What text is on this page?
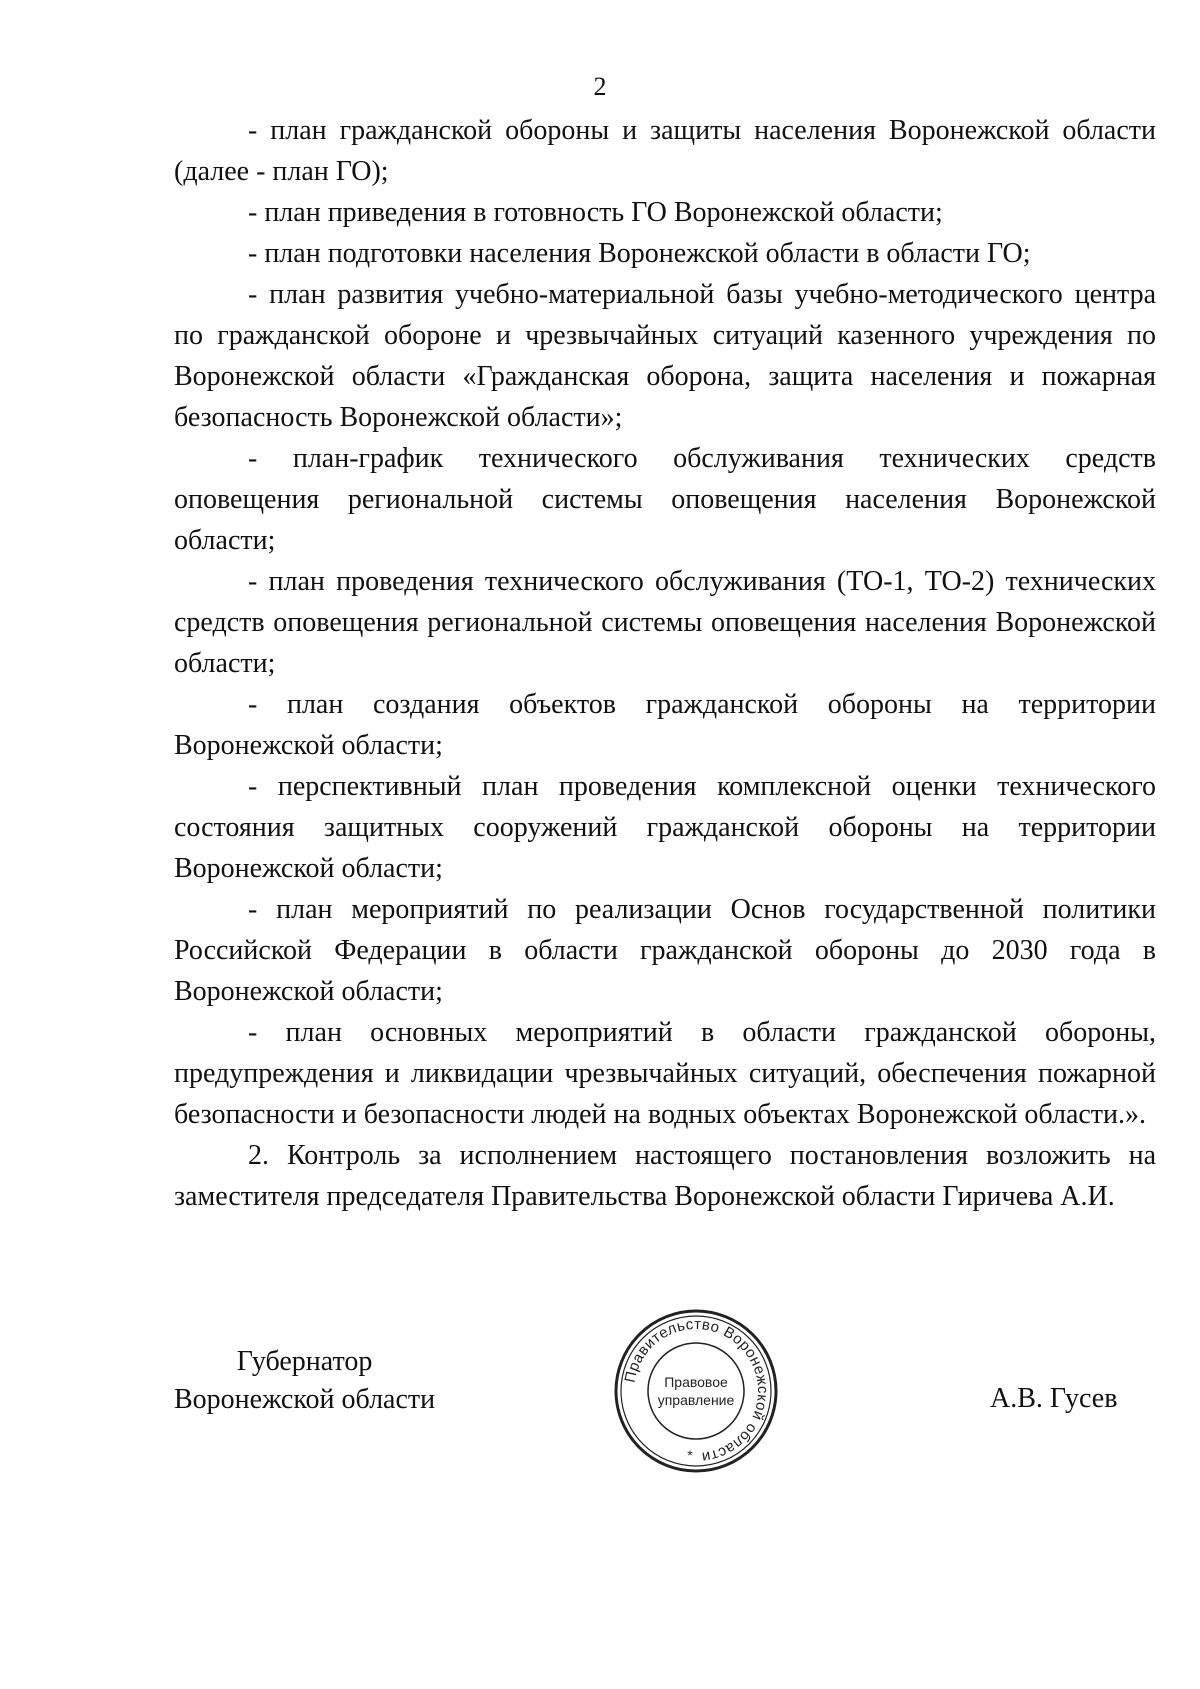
2

- план гражданской обороны и защиты населения Воронежской области (далее - план ГО);

- план приведения в готовность ГО Воронежской области;

- план подготовки населения Воронежской области в области ГО;

- план развития учебно-материальной базы учебно-методического центра по гражданской обороне и чрезвычайных ситуаций казенного учреждения по Воронежской области «Гражданская оборона, защита населения и пожарная безопасность Воронежской области»;

- план-график технического обслуживания технических средств оповещения региональной системы оповещения населения Воронежской области;

- план проведения технического обслуживания (ТО-1, ТО-2) технических средств оповещения региональной системы оповещения населения Воронежской области;

- план создания объектов гражданской обороны на территории Воронежской области;

- перспективный план проведения комплексной оценки технического состояния защитных сооружений гражданской обороны на территории Воронежской области;

- план мероприятий по реализации Основ государственной политики Российской Федерации в области гражданской обороны до 2030 года в Воронежской области;

- план основных мероприятий в области гражданской обороны, предупреждения и ликвидации чрезвычайных ситуаций, обеспечения пожарной безопасности и безопасности людей на водных объектах Воронежской области.».

2. Контроль за исполнением настоящего постановления возложить на заместителя председателя Правительства Воронежской области Гиричева А.И.

Губернатор
Воронежской области
Правительство Воронежской области
Правовое
управление
*
А.В. Гусев
